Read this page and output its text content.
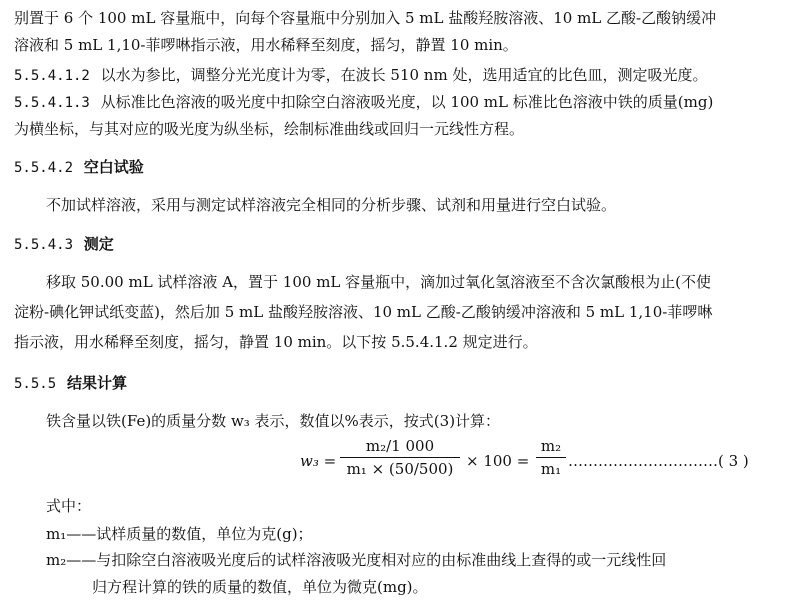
别置于 6 个 100 mL 容量瓶中，向每个容量瓶中分别加入 5 mL 盐酸羟胺溶液、10 mL 乙酸-乙酸钠缓冲
溶液和 5 mL 1,10-菲啰啉指示液，用水稀释至刻度，摇匀，静置 10 min。
5.5.4.1.2 以水为参比，调整分光光度计为零，在波长 510 nm 处，选用适宜的比色皿，测定吸光度。
5.5.4.1.3 从标准比色溶液的吸光度中扣除空白溶液吸光度，以 100 mL 标准比色溶液中铁的质量(mg)
为横坐标，与其对应的吸光度为纵坐标，绘制标准曲线或回归一元线性方程。
5.5.4.2 空白试验
不加试样溶液，采用与测定试样溶液完全相同的分析步骤、试剂和用量进行空白试验。
5.5.4.3 测定
移取 50.00 mL 试样溶液 A，置于 100 mL 容量瓶中，滴加过氧化氢溶液至不含次氯酸根为止(不使
淀粉-碘化钾试纸变蓝)，然后加 5 mL 盐酸羟胺溶液、10 mL 乙酸-乙酸钠缓冲溶液和 5 mL 1,10-菲啰啉
指示液，用水稀释至刻度，摇匀，静置 10 min。以下按 5.5.4.1.2 规定进行。
5.5.5 结果计算
铁含量以铁(Fe)的质量分数 w₃ 表示，数值以%表示，按式(3)计算：
$w_3 = \frac{\text{m₂/1 000}}{\text{m₁ × (50/500)}} \times 100 = \frac{\text{m₂}}{\text{m₁}}$ …………………………( 3 )
式中：
m₁——试样质量的数值，单位为克(g)；
m₂——与扣除空白溶液吸光度后的试样溶液吸光度相对应的由标准曲线上查得的或一元线性回
归方程计算的铁的质量的数值，单位为微克(mg)。
